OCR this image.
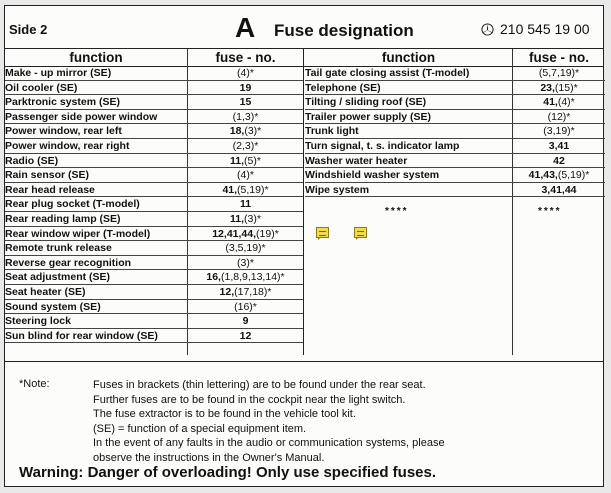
Side 2	A Fuse designation	210 545 19 00
function	fuse - no.	function	fuse - no.
****	****
Make - up mirror (SE)	(4)*
Oil cooler (SE)	19
Parktronic system (SE)	15
Passenger side power window	(1,3)*
Power window, rear left	18,(3)*
Power window, rear right	(2,3)*
Radio (SE)	11,(5)*
Rain sensor (SE)	(4)*
Rear head release	41,(5,19)*
Rear plug socket (T-model)	11
Rear reading lamp (SE)	11,(3)*
Rear window wiper (T-model)	12,41,44,(19)*
Remote trunk release	(3,5,19)*
Reverse gear recognition	(3)*
Seat adjustment (SE)	16,(1,8,9,13,14)*
Seat heater (SE)	12,(17,18)*
Sound system (SE)	(16)*
Steering lock	9
Sun blind for rear window (SE)	12
Tail gate closing assist (T-model)	(5,7,19)*
Telephone (SE)	23,(15)*
Tilting / sliding roof (SE)	41,(4)*
Trailer power supply (SE)	(12)*
Trunk light	(3,19)*
Turn signal, t. s. indicator lamp	3,41
Washer water heater	42
Windshield washer system	41,43,(5,19)*
Wipe system	3,41,44
*Note:	Fuses in brackets (thin lettering) are to be found under the rear seat.
Further fuses are to be found in the cockpit near the light switch.
The fuse extractor is to be found in the vehicle tool kit.
(SE) = function of a special equipment item.
In the event of any faults in the audio or communication systems, please
observe the instructions in the Owner's Manual.
Warning: Danger of overloading! Only use specified fuses.
